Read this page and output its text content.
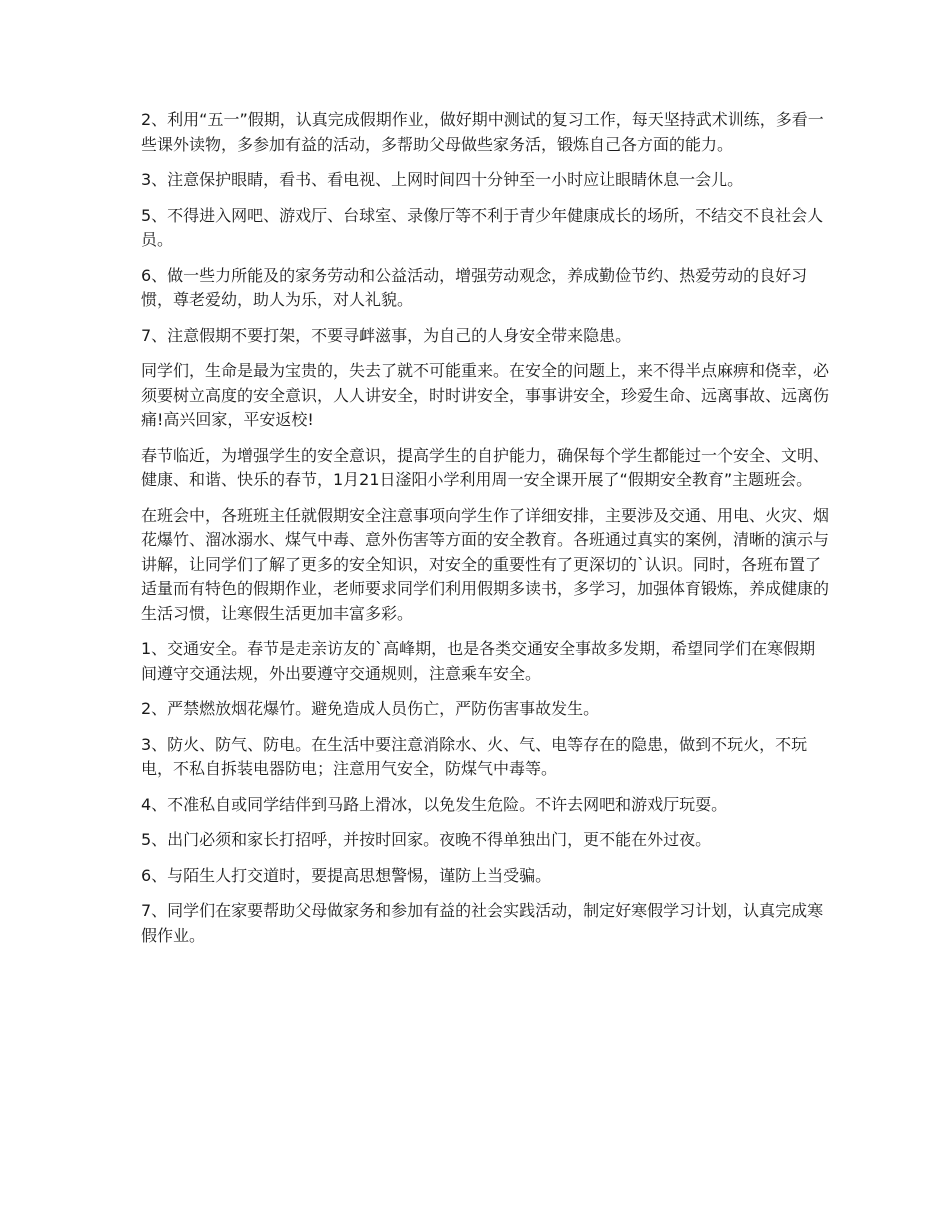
2、利用“五一”假期，认真完成假期作业，做好期中测试的复习工作，每天坚持武术训练，多看一些课外读物，多参加有益的活动，多帮助父母做些家务活，锻炼自己各方面的能力。

3、注意保护眼睛，看书、看电视、上网时间四十分钟至一小时应让眼睛休息一会儿。

5、不得进入网吧、游戏厅、台球室、录像厅等不利于青少年健康成长的场所，不结交不良社会人员。

6、做一些力所能及的家务劳动和公益活动，增强劳动观念，养成勤俭节约、热爱劳动的良好习惯，尊老爱幼，助人为乐，对人礼貌。

7、注意假期不要打架，不要寻衅滋事，为自己的人身安全带来隐患。

同学们，生命是最为宝贵的，失去了就不可能重来。在安全的问题上，来不得半点麻痹和侥幸，必须要树立高度的安全意识，人人讲安全，时时讲安全，事事讲安全，珍爱生命、远离事故、远离伤痛!高兴回家，平安返校!

春节临近，为增强学生的安全意识，提高学生的自护能力，确保每个学生都能过一个安全、文明、健康、和谐、快乐的春节，1月21日滏阳小学利用周一安全课开展了“假期安全教育”主题班会。

在班会中，各班班主任就假期安全注意事项向学生作了详细安排，主要涉及交通、用电、火灾、烟花爆竹、溜冰溺水、煤气中毒、意外伤害等方面的安全教育。各班通过真实的案例，清晰的演示与讲解，让同学们了解了更多的安全知识，对安全的重要性有了更深切的`认识。同时，各班布置了适量而有特色的假期作业，老师要求同学们利用假期多读书，多学习，加强体育锻炼，养成健康的生活习惯，让寒假生活更加丰富多彩。

1、交通安全。春节是走亲访友的`高峰期，也是各类交通安全事故多发期，希望同学们在寒假期间遵守交通法规，外出要遵守交通规则，注意乘车安全。

2、严禁燃放烟花爆竹。避免造成人员伤亡，严防伤害事故发生。

3、防火、防气、防电。在生活中要注意消除水、火、气、电等存在的隐患，做到不玩火，不玩电，不私自拆装电器防电；注意用气安全，防煤气中毒等。

4、不准私自或同学结伴到马路上滑冰，以免发生危险。不许去网吧和游戏厅玩耍。

5、出门必须和家长打招呼，并按时回家。夜晚不得单独出门，更不能在外过夜。

6、与陌生人打交道时，要提高思想警惕，谨防上当受骗。

7、同学们在家要帮助父母做家务和参加有益的社会实践活动，制定好寒假学习计划，认真完成寒假作业。
